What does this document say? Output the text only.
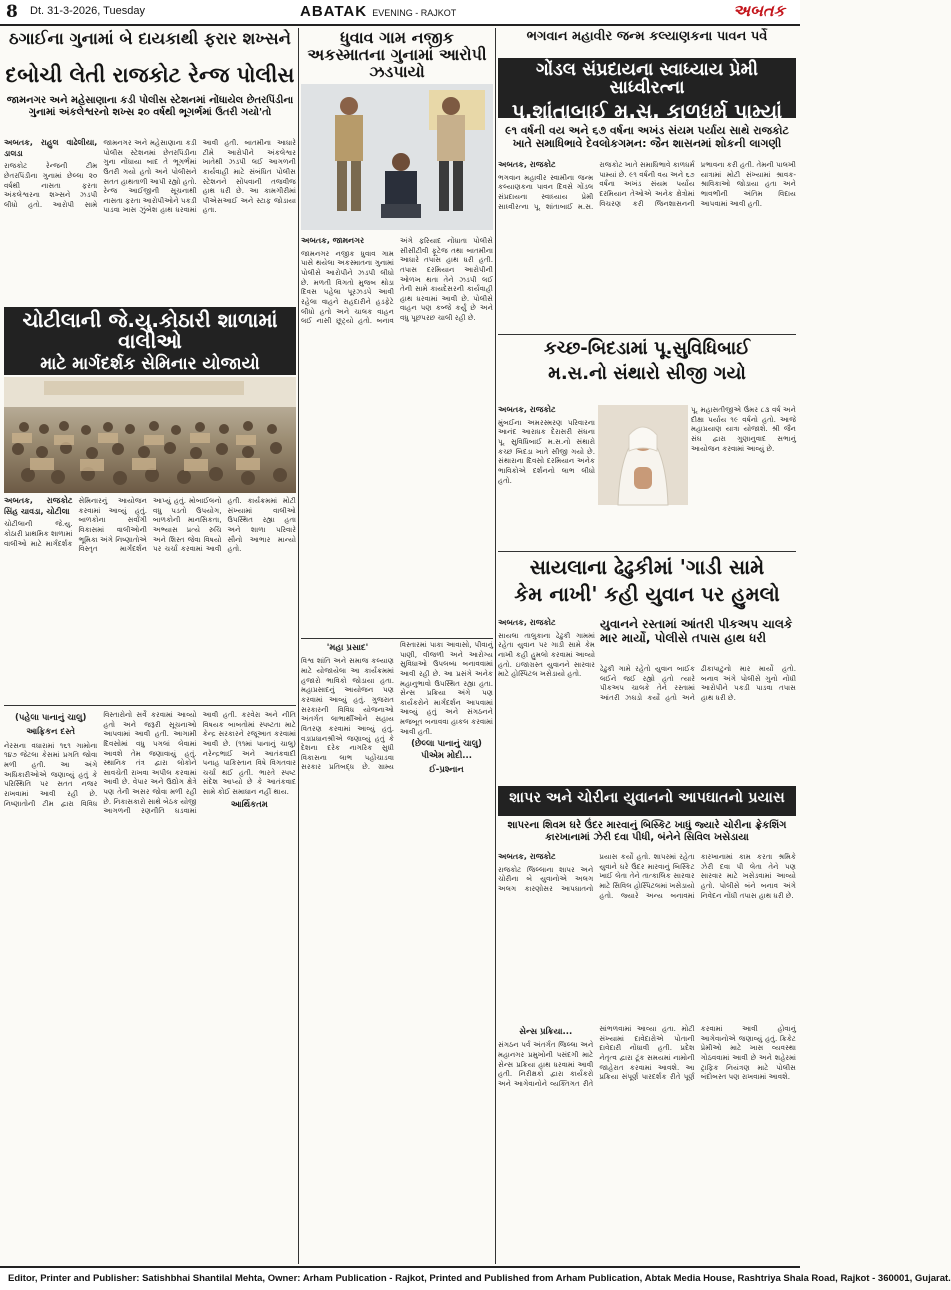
8 Dt. 31-3-2026, Tuesday	ABATAK EVENING - RAJKOT	અબતક
ઠગાઈના ગુનામાં બે દાયકાથી ફરાર શખ્સને
દબોચી લેતી રાજકોટ રેન્જ પોલીસ
જામનગર અને મહેસાણાના કડી પોલીસ સ્ટેશનમાં નોંધાયેલ છેતરપિંડીના ગુનામાં અંકલેશ્વરનો શખ્સ ૨૦ વર્ષથી ભૂગર્ભમાં ઉતરી ગયો'તો
અબતક, રાહુલ વાઢેલીયા, ડાલડા
રાજકોટ રેન્જની ટીમ છેતરપિંડીના ગુનામાં છેલ્લા ૨૦ વર્ષથી નાસતા ફરતા અંકલેશ્વરના શખ્સને ઝડપી લીધો હતો. આરોપી સામે જામનગર અને મહેસાણાના કડી પોલીસ સ્ટેશનમાં છેતરપિંડીના ગુના નોંધાયા બાદ તે ભૂગર્ભમાં ઉતરી ગયો હતો અને પોલીસને સતત હાથતાળી આપી રહ્યો હતો. રેન્જ આઈજીની સૂચનાથી નાસતા ફરતા આરોપીઓને પકડી પાડવા ખાસ ઝુંબેશ હાથ ધરવામાં આવી હતી. બાતમીના આધારે ટીમે આરોપીને અંકલેશ્વર ખાતેથી ઝડપી લઈ આગળની કાર્યવાહી માટે સંબંધિત પોલીસ સ્ટેશનને સોંપવાની તજવીજ હાથ ધરી છે. આ કામગીરીમાં પીએસઆઈ અને સ્ટાફ જોડાયા હતા.
ચોટીલાની જે.યુ.કોઠારી શાળામાં વાલીઓ
માટે માર્ગદર્શક સેમિનાર યોજાયો
અબતક, રાજકોટ સિંહ ચાવડા, ચોટીલા
ચોટીલાની જે.યુ. કોઠારી પ્રાથમિક શાળામાં વાલીઓ માટે માર્ગદર્શક સેમિનારનું આયોજન કરવામાં આવ્યું હતું. બાળકોના સર્વાંગી વિકાસમાં વાલીઓની ભૂમિકા અંગે નિષ્ણાતોએ વિસ્તૃત માર્ગદર્શન આપ્યું હતું. મોબાઈલનો વધુ પડતો ઉપયોગ, બાળકોની માનસિકતા, અભ્યાસ પ્રત્યે રુચિ અને શિસ્ત જેવા વિષયો પર ચર્ચા કરવામાં આવી હતી. કાર્યક્રમમાં મોટી સંખ્યામાં વાલીઓ ઉપસ્થિત રહ્યા હતા અને શાળા પરિવારે સૌનો આભાર માન્યો હતો.
(પહેલા પાનાનું ચાલુ)
આફ્રિકન દસ્તે
નેરસના વધારામાં ૧૬૧ ગામોના ૧૪૭ જેટલા કેસમાં પ્રગતિ જોવા મળી હતી. આ અંગે અધિકારીઓએ જણાવ્યું હતું કે પરિસ્થિતિ પર સતત નજર રાખવામાં આવી રહી છે. નિષ્ણાતોની ટીમ દ્વારા વિવિધ વિસ્તારોનો સર્વે કરવામાં આવ્યો હતો અને જરૂરી સૂચનાઓ આપવામાં આવી હતી. આગામી દિવસોમાં વધુ પગલાં લેવામાં આવશે તેમ જણાવાયું હતું. સ્થાનિક તંત્ર દ્વારા લોકોને સાવચેતી રાખવા અપીલ કરવામાં આવી છે. વેપાર અને ઉદ્યોગ ક્ષેત્રે પણ તેની અસર જોવા મળી રહી છે. નિકાસકારો સાથે બેઠક યોજી આગળની રણનીતિ ઘડવામાં આવી હતી. કરવેરા અને નીતિ વિષયક બાબતોમાં સ્પષ્ટતા માટે કેન્દ્ર સરકારને રજૂઆત કરવામાં આવી છે. (૧૧માં પાનાનું ચાલુ) નરેન્દ્રભાઈ અને આતંકવાદી પનાહ પાકિસ્તાન વિષે વિગતવાર ચર્ચા થઈ હતી. ભારતે સ્પષ્ટ સંદેશ આપ્યો છે કે આતંકવાદ સામે કોઈ સમાધાન નહીં થાય.
આર્થિકતમ
ધુવાવ ગામ નજીક અકસ્માતના ગુનામાં આરોપી ઝડપાયો
અબતક, જામનગર
જામનગર નજીક ધુવાવ ગામ પાસે થયેલા અકસ્માતના ગુનામાં પોલીસે આરોપીને ઝડપી લીધો છે. મળતી વિગતો મુજબ થોડા દિવસ પહેલા પૂરઝડપે આવી રહેલા વાહને રાહદારીને હડફેટે લીધો હતો અને ચાલક વાહન લઈ નાસી છૂટ્યો હતો. બનાવ અંગે ફરિયાદ નોંધાતા પોલીસે સીસીટીવી ફૂટેજ તથા બાતમીના આધારે તપાસ હાથ ધરી હતી. તપાસ દરમિયાન આરોપીની ઓળખ થતા તેને ઝડપી લઈ તેની સામે કાયદેસરની કાર્યવાહી હાથ ધરવામાં આવી છે. પોલીસે વાહન પણ કબ્જે કર્યું છે અને વધુ પૂછપરછ ચાલી રહી છે.
ભગવાન મહાવીર જન્મ કલ્યાણકના પાવન પર્વે
ગોંડલ સંપ્રદાયના સ્વાધ્યાય પ્રેમી સાધ્વીરત્ના
પૂ.શાંતાબાઈ મ.સ. કાળધર્મ પામ્યાં
૯૧ વર્ષની વય અને ૬૭ વર્ષના અખંડ સંયમ પર્યાય સાથે રાજકોટ ખાતે સમાધિભાવે દેવલોકગમન: જૈન શાસનમાં શોકની લાગણી
અબતક, રાજકોટ
ભગવાન મહાવીર સ્વામીના જન્મ કલ્યાણકના પાવન દિવસે ગોંડલ સંપ્રદાયના સ્વાધ્યાય પ્રેમી સાધ્વીરત્ના પૂ. શાંતાબાઈ મ.સ. રાજકોટ ખાતે સમાધિભાવે કાળધર્મ પામ્યાં છે. ૯૧ વર્ષની વય અને ૬૭ વર્ષના અખંડ સંયમ પર્યાય દરમિયાન તેઓએ અનેક ક્ષેત્રોમાં વિચરણ કરી જિનશાસનની પ્રભાવના કરી હતી. તેમની પાલખી યાત્રામાં મોટી સંખ્યામાં શ્રાવક-શ્રાવિકાઓ જોડાયા હતા અને ભાવભીની અંતિમ વિદાય આપવામાં આવી હતી.
કચ્છ-બિદડામાં પૂ.સુવિધિબાઈ
મ.સ.નો સંથારો સીજી ગયો
અબતક, રાજકોટ
મુંબઈના અમરસ્મરણ પરિવારના આનંદ આરાધક દેરાસરી સંઘના પૂ. સુવિધિબાઈ મ.સ.નો સંથારો કચ્છ બિદડા ખાતે સીજી ગયો છે. સંથારાના દિવસો દરમિયાન અનેક ભાવિકોએ દર્શનનો લાભ લીધો હતો.
પૂ. મહાસતીજીએ ઉંમર ૮૩ વર્ષ અને દીક્ષા પર્યાય ૧૯ વર્ષનો હતો. આજે મહાપ્રયાણ યાત્રા યોજાશે. શ્રી જૈન સંઘ દ્વારા ગુણાનુવાદ સભાનું આયોજન કરવામાં આવ્યું છે.
સાયલાના ઢેઢુકીમાં 'ગાડી સામે
કેમ નાખી' કહી યુવાન પર હુમલો
અબતક, રાજકોટ
સાયલા તાલુકાના ઢેઢુકી ગામમાં રહેતા યુવાન પર ગાડી સામે કેમ નાખી કહી હુમલો કરવામાં આવ્યો હતો. ઇજાગ્રસ્ત યુવાનને સારવાર માટે હોસ્પિટલ ખસેડાયો હતો.
યુવાનને રસ્તામાં આંતરી પીકઅપ ચાલકે માર માર્યો, પોલીસે તપાસ હાથ ધરી
ઢેઢુકી ગામે રહેતો યુવાન બાઈક લઈને જઈ રહ્યો હતો ત્યારે પીકઅપ ચાલકે તેને રસ્તામાં આંતરી ઝઘડો કર્યો હતો અને ઢીકાપાટુનો માર માર્યો હતો. બનાવ અંગે પોલીસે ગુનો નોંધી આરોપીને પકડી પાડવા તપાસ હાથ ધરી છે.
'મહા પ્રસાદ'
વિશ્વ શાંતિ અને સમાજ કલ્યાણ માટે યોજાયેલા આ કાર્યક્રમમાં હજારો ભાવિકો જોડાયા હતા. મહાપ્રસાદનું આયોજન પણ કરવામાં આવ્યું હતું. ગુજરાત સરકારની વિવિધ યોજનાઓ અંતર્ગત લાભાર્થીઓને સહાય વિતરણ કરવામાં આવ્યું હતું. વડાપ્રધાનશ્રીએ જણાવ્યું હતું કે દેશના દરેક નાગરિક સુધી વિકાસના લાભ પહોંચાડવા સરકાર પ્રતિબદ્ધ છે. ગ્રામ્ય વિસ્તારમાં પાકા આવાસો, પીવાનું પાણી, વીજળી અને આરોગ્ય સુવિધાઓ ઉપલબ્ધ બનાવવામાં આવી રહી છે. આ પ્રસંગે અનેક મહાનુભાવો ઉપસ્થિત રહ્યા હતા. સેન્સ પ્રક્રિયા અંગે પણ કાર્યકરોને માર્ગદર્શન આપવામાં આવ્યું હતું અને સંગઠનને મજબૂત બનાવવા હાકલ કરવામાં આવી હતી.
(છેલ્લા પાનાનું ચાલુ) પીએમ મોદી...
ઈ-પ્રશ્નાન
શાપર અને ચોરીના યુવાનનો આપઘાતનો પ્રયાસ
શાપરના શિવમ ઘરે ઉંદર મારવાનું બિસ્કિટ ખાધું જ્યારે ચોરીના ફ્રેકશિંગ કારખાનામાં ઝેરી દવા પીધી, બંનેને સિવિલ ખસેડાયા
અબતક, રાજકોટ
રાજકોટ જિલ્લાના શાપર અને ચોરીના બે યુવાનોએ અલગ અલગ કારણોસર આપઘાતનો પ્રયાસ કર્યો હતો. શાપરમાં રહેતા યુવાને ઘરે ઉંદર મારવાનું બિસ્કિટ ખાઈ લેતા તેને તાત્કાલિક સારવાર માટે સિવિલ હોસ્પિટલમાં ખસેડાયો હતો. જ્યારે અન્ય બનાવમાં કારખાનામાં કામ કરતા શ્રમિકે ઝેરી દવા પી લેતા તેને પણ સારવાર માટે ખસેડવામાં આવ્યો હતો. પોલીસે બંને બનાવ અંગે નિવેદન નોંધી તપાસ હાથ ધરી છે.
સેન્સ પ્રક્રિયા...
સંગઠન પર્વ અંતર્ગત જિલ્લા અને મહાનગર પ્રમુખોની પસંદગી માટે સેન્સ પ્રક્રિયા હાથ ધરવામાં આવી હતી. નિરીક્ષકો દ્વારા કાર્યકરો અને આગેવાનોને વ્યક્તિગત રીતે સાંભળવામાં આવ્યા હતા. મોટી સંખ્યામાં દાવેદારોએ પોતાની દાવેદારી નોંધાવી હતી. પ્રદેશ નેતૃત્વ દ્વારા ટૂંક સમયમાં નામોની જાહેરાત કરવામાં આવશે. આ પ્રક્રિયા સંપૂર્ણ પારદર્શક રીતે પૂર્ણ કરવામાં આવી હોવાનું આગેવાનોએ જણાવ્યું હતું. ક્રિકેટ પ્રેમીઓ માટે ખાસ વ્યવસ્થા ગોઠવવામાં આવી છે અને શહેરમાં ટ્રાફિક નિયંત્રણ માટે પોલીસ બંદોબસ્ત પણ રાખવામાં આવશે.
Editor, Printer and Publisher: Satishbhai Shantilal Mehta, Owner: Arham Publication - Rajkot, Printed and Published from Arham Publication, Abtak Media House, Rashtriya Shala Road, Rajkot - 360001, Gujarat.
